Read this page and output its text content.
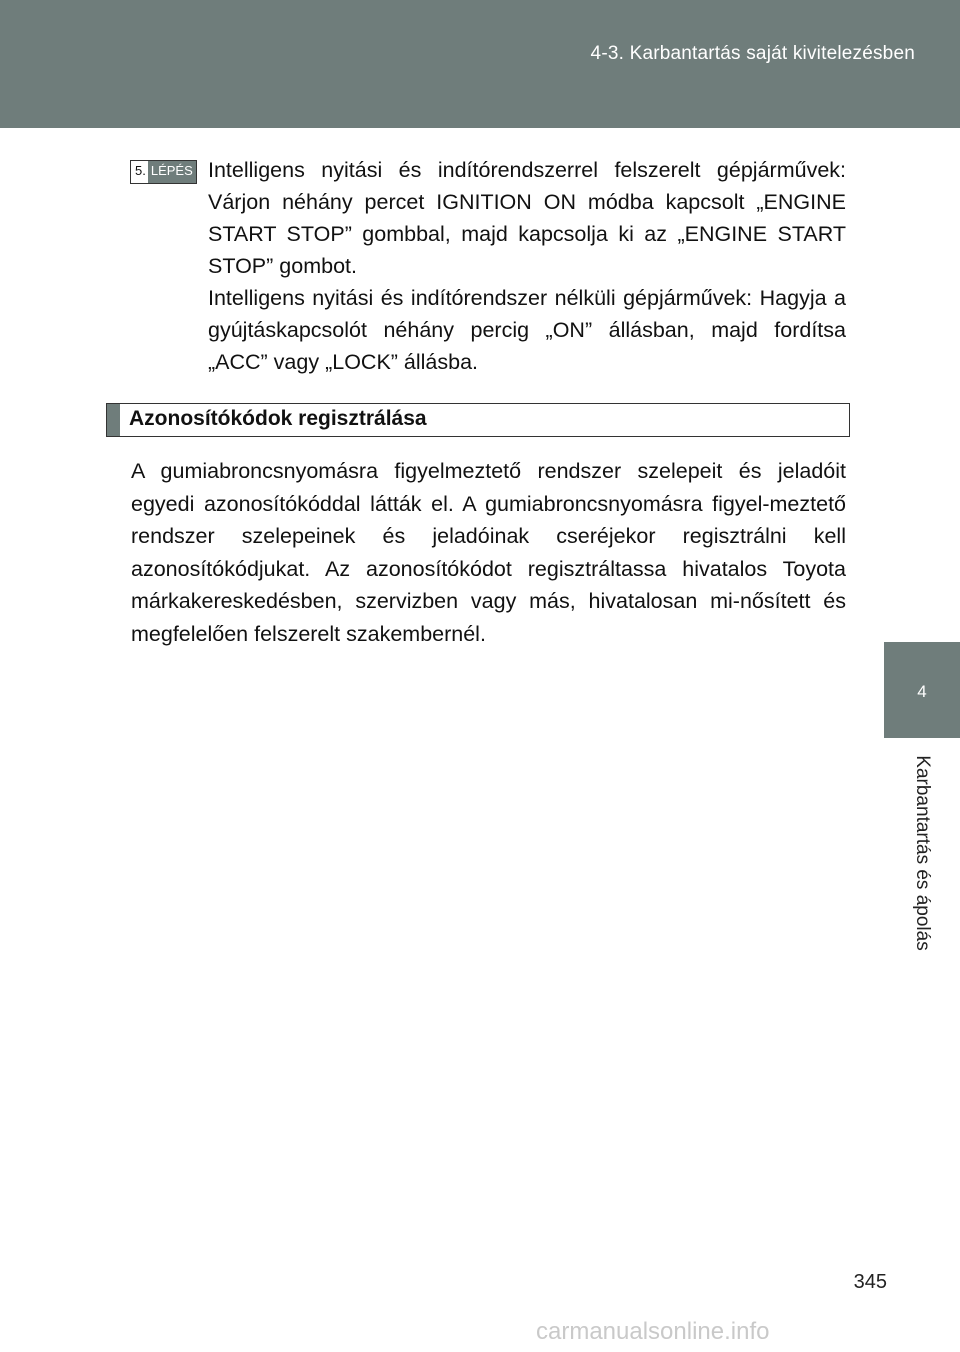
4-3. Karbantartás saját kivitelezésben
4
Karbantartás és ápolás
5. LÉPÉS Intelligens nyitási és indítórendszerrel felszerelt gépjárművek: Várjon néhány percet IGNITION ON módba kapcsolt „ENGINE START STOP” gombbal, majd kapcsolja ki az „ENGINE START STOP” gombot.

Intelligens nyitási és indítórendszer nélküli gépjárművek: Hagyja a gyújtáskapcsolót néhány percig „ON” állásban, majd fordítsa „ACC” vagy „LOCK” állásba.

Azonosítókódok regisztrálása

A gumiabroncsnyomásra figyelmeztető rendszer szelepeit és jeladóit egyedi azonosítókóddal látták el. A gumiabroncsnyomásra figyel-meztető rendszer szelepeinek és jeladóinak cseréjekor regisztrálni kell azonosítókódjukat. Az azonosítókódot regisztráltassa hivatalos Toyota márkakereskedésben, szervizben vagy más, hivatalosan mi-nősített és megfelelően felszerelt szakembernél.

345
carmanualsonline.info
